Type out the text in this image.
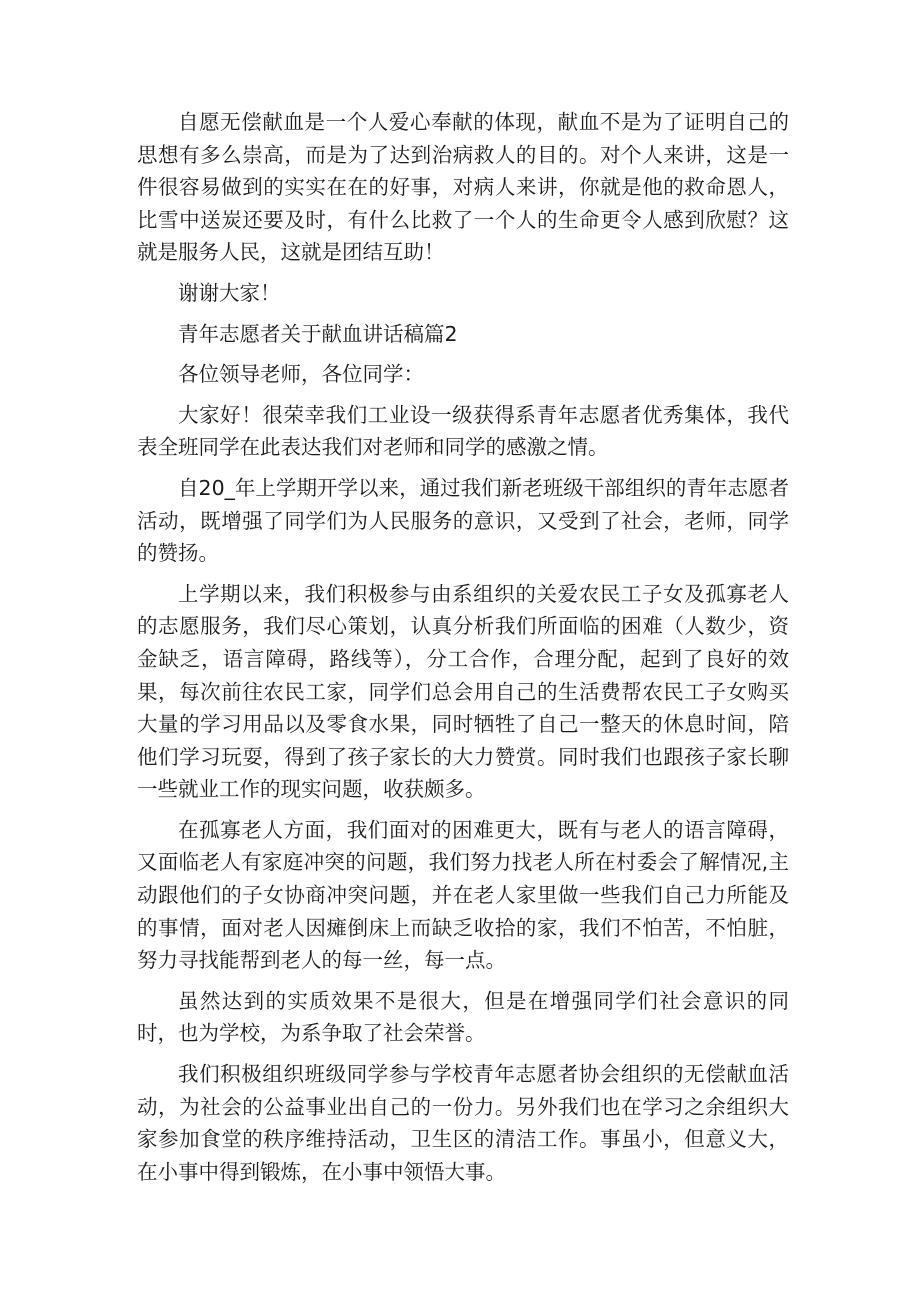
自愿无偿献血是一个人爱心奉献的体现，献血不是为了证明自己的思想有多么崇高，而是为了达到治病救人的目的。对个人来讲，这是一件很容易做到的实实在在的好事，对病人来讲，你就是他的救命恩人，比雪中送炭还要及时，有什么比救了一个人的生命更令人感到欣慰？这就是服务人民，这就是团结互助！

谢谢大家！

青年志愿者关于献血讲话稿篇2

各位领导老师，各位同学：

大家好！很荣幸我们工业设一级获得系青年志愿者优秀集体，我代表全班同学在此表达我们对老师和同学的感激之情。

自20_年上学期开学以来，通过我们新老班级干部组织的青年志愿者活动，既增强了同学们为人民服务的意识，又受到了社会，老师，同学的赞扬。

上学期以来，我们积极参与由系组织的关爱农民工子女及孤寡老人的志愿服务，我们尽心策划，认真分析我们所面临的困难（人数少，资金缺乏，语言障碍，路线等），分工合作，合理分配，起到了良好的效果，每次前往农民工家，同学们总会用自己的生活费帮农民工子女购买大量的学习用品以及零食水果，同时牺牲了自己一整天的休息时间，陪他们学习玩耍，得到了孩子家长的大力赞赏。同时我们也跟孩子家长聊一些就业工作的现实问题，收获颇多。

在孤寡老人方面，我们面对的困难更大，既有与老人的语言障碍，又面临老人有家庭冲突的问题，我们努力找老人所在村委会了解情况,主动跟他们的子女协商冲突问题，并在老人家里做一些我们自己力所能及的事情，面对老人因瘫倒床上而缺乏收拾的家，我们不怕苦，不怕脏，努力寻找能帮到老人的每一丝，每一点。

虽然达到的实质效果不是很大，但是在增强同学们社会意识的同时，也为学校，为系争取了社会荣誉。

我们积极组织班级同学参与学校青年志愿者协会组织的无偿献血活动，为社会的公益事业出自己的一份力。另外我们也在学习之余组织大家参加食堂的秩序维持活动，卫生区的清洁工作。事虽小，但意义大，在小事中得到锻炼，在小事中领悟大事。
